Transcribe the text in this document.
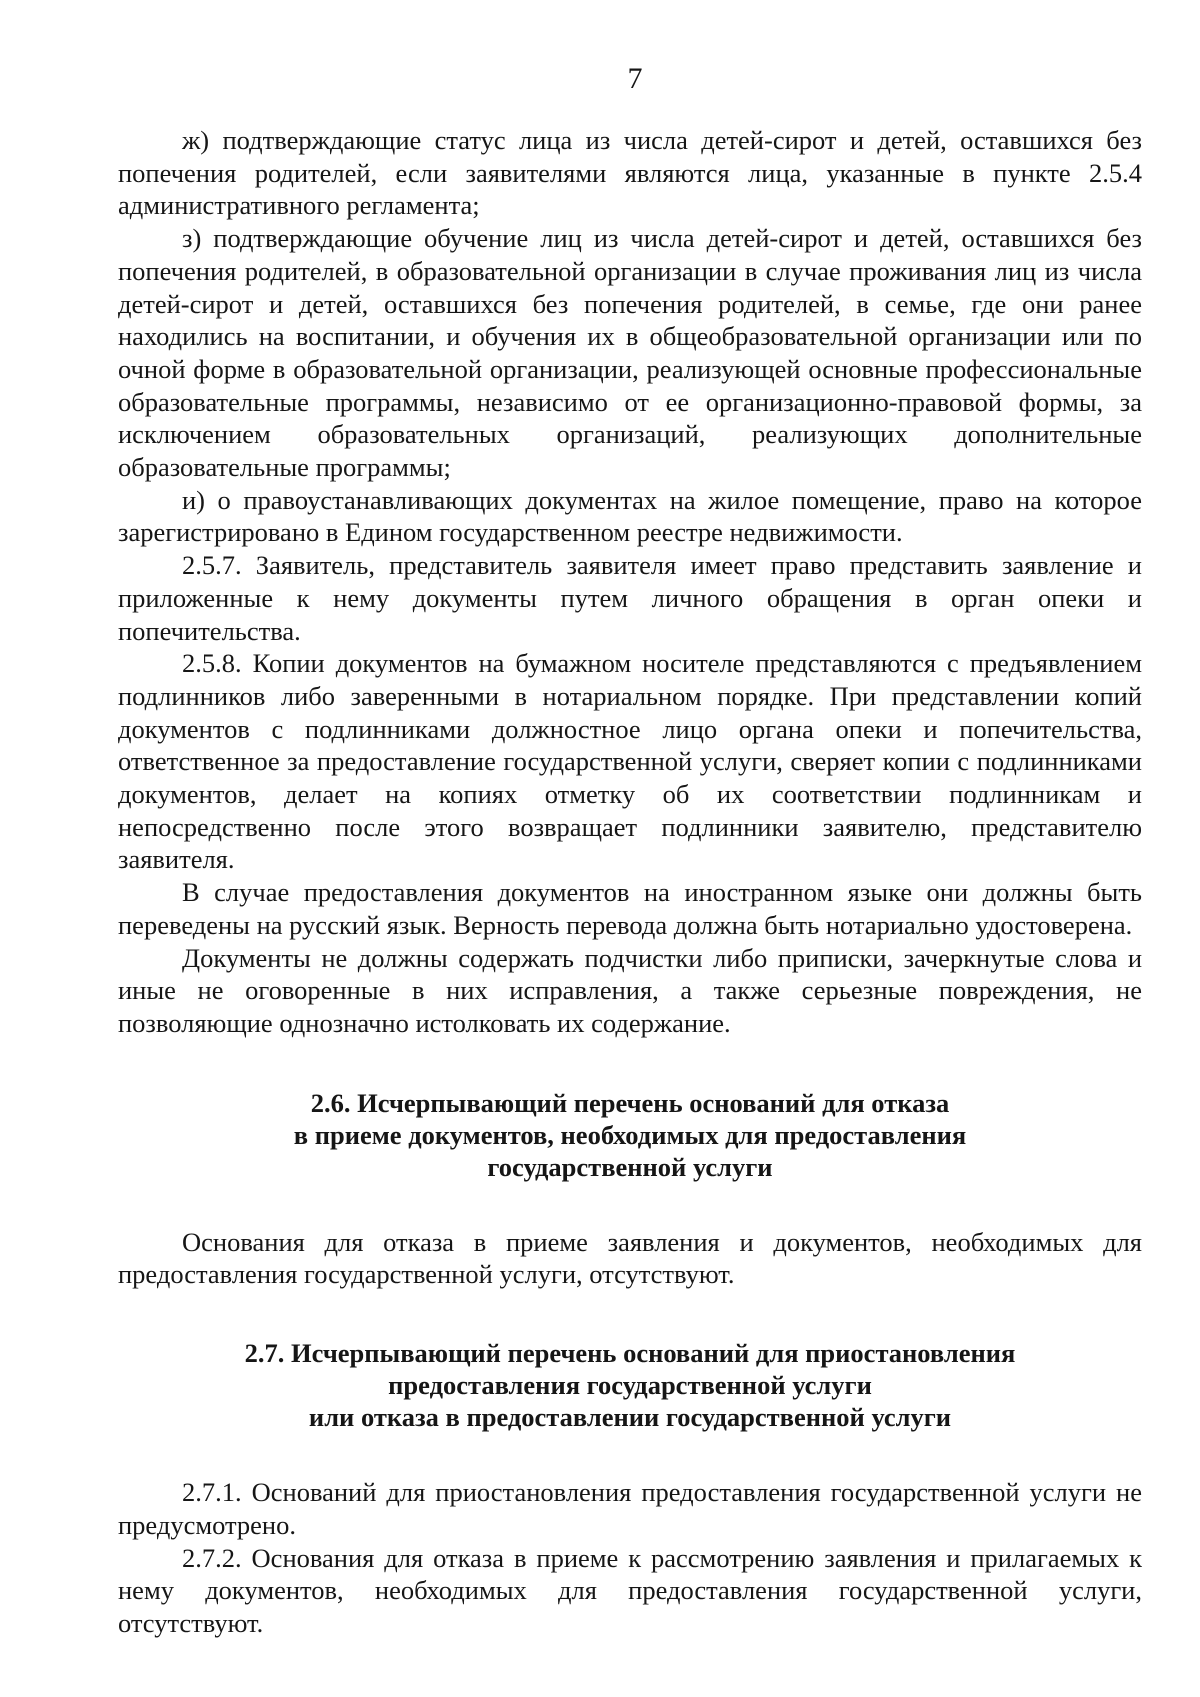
7

ж) подтверждающие статус лица из числа детей-сирот и детей, оставшихся без попечения родителей, если заявителями являются лица, указанные в пункте 2.5.4 административного регламента;

з) подтверждающие обучение лиц из числа детей-сирот и детей, оставшихся без попечения родителей, в образовательной организации в случае проживания лиц из числа детей-сирот и детей, оставшихся без попечения родителей, в семье, где они ранее находились на воспитании, и обучения их в общеобразовательной организации или по очной форме в образовательной организации, реализующей основные профессиональные образовательные программы, независимо от ее организационно-правовой формы, за исключением образовательных организаций, реализующих дополнительные образовательные программы;

и) о правоустанавливающих документах на жилое помещение, право на которое зарегистрировано в Едином государственном реестре недвижимости.

2.5.7. Заявитель, представитель заявителя имеет право представить заявление и приложенные к нему документы путем личного обращения в орган опеки и попечительства.

2.5.8. Копии документов на бумажном носителе представляются с предъявлением подлинников либо заверенными в нотариальном порядке. При представлении копий документов с подлинниками должностное лицо органа опеки и попечительства, ответственное за предоставление государственной услуги, сверяет копии с подлинниками документов, делает на копиях отметку об их соответствии подлинникам и непосредственно после этого возвращает подлинники заявителю, представителю заявителя.

В случае предоставления документов на иностранном языке они должны быть переведены на русский язык. Верность перевода должна быть нотариально удостоверена.

Документы не должны содержать подчистки либо приписки, зачеркнутые слова и иные не оговоренные в них исправления, а также серьезные повреждения, не позволяющие однозначно истолковать их содержание.

2.6. Исчерпывающий перечень оснований для отказа
в приеме документов, необходимых для предоставления
государственной услуги

Основания для отказа в приеме заявления и документов, необходимых для предоставления государственной услуги, отсутствуют.

2.7. Исчерпывающий перечень оснований для приостановления
предоставления государственной услуги
или отказа в предоставлении государственной услуги

2.7.1. Оснований для приостановления предоставления государственной услуги не предусмотрено.

2.7.2. Основания для отказа в приеме к рассмотрению заявления и прилагаемых к нему документов, необходимых для предоставления государственной услуги, отсутствуют.
